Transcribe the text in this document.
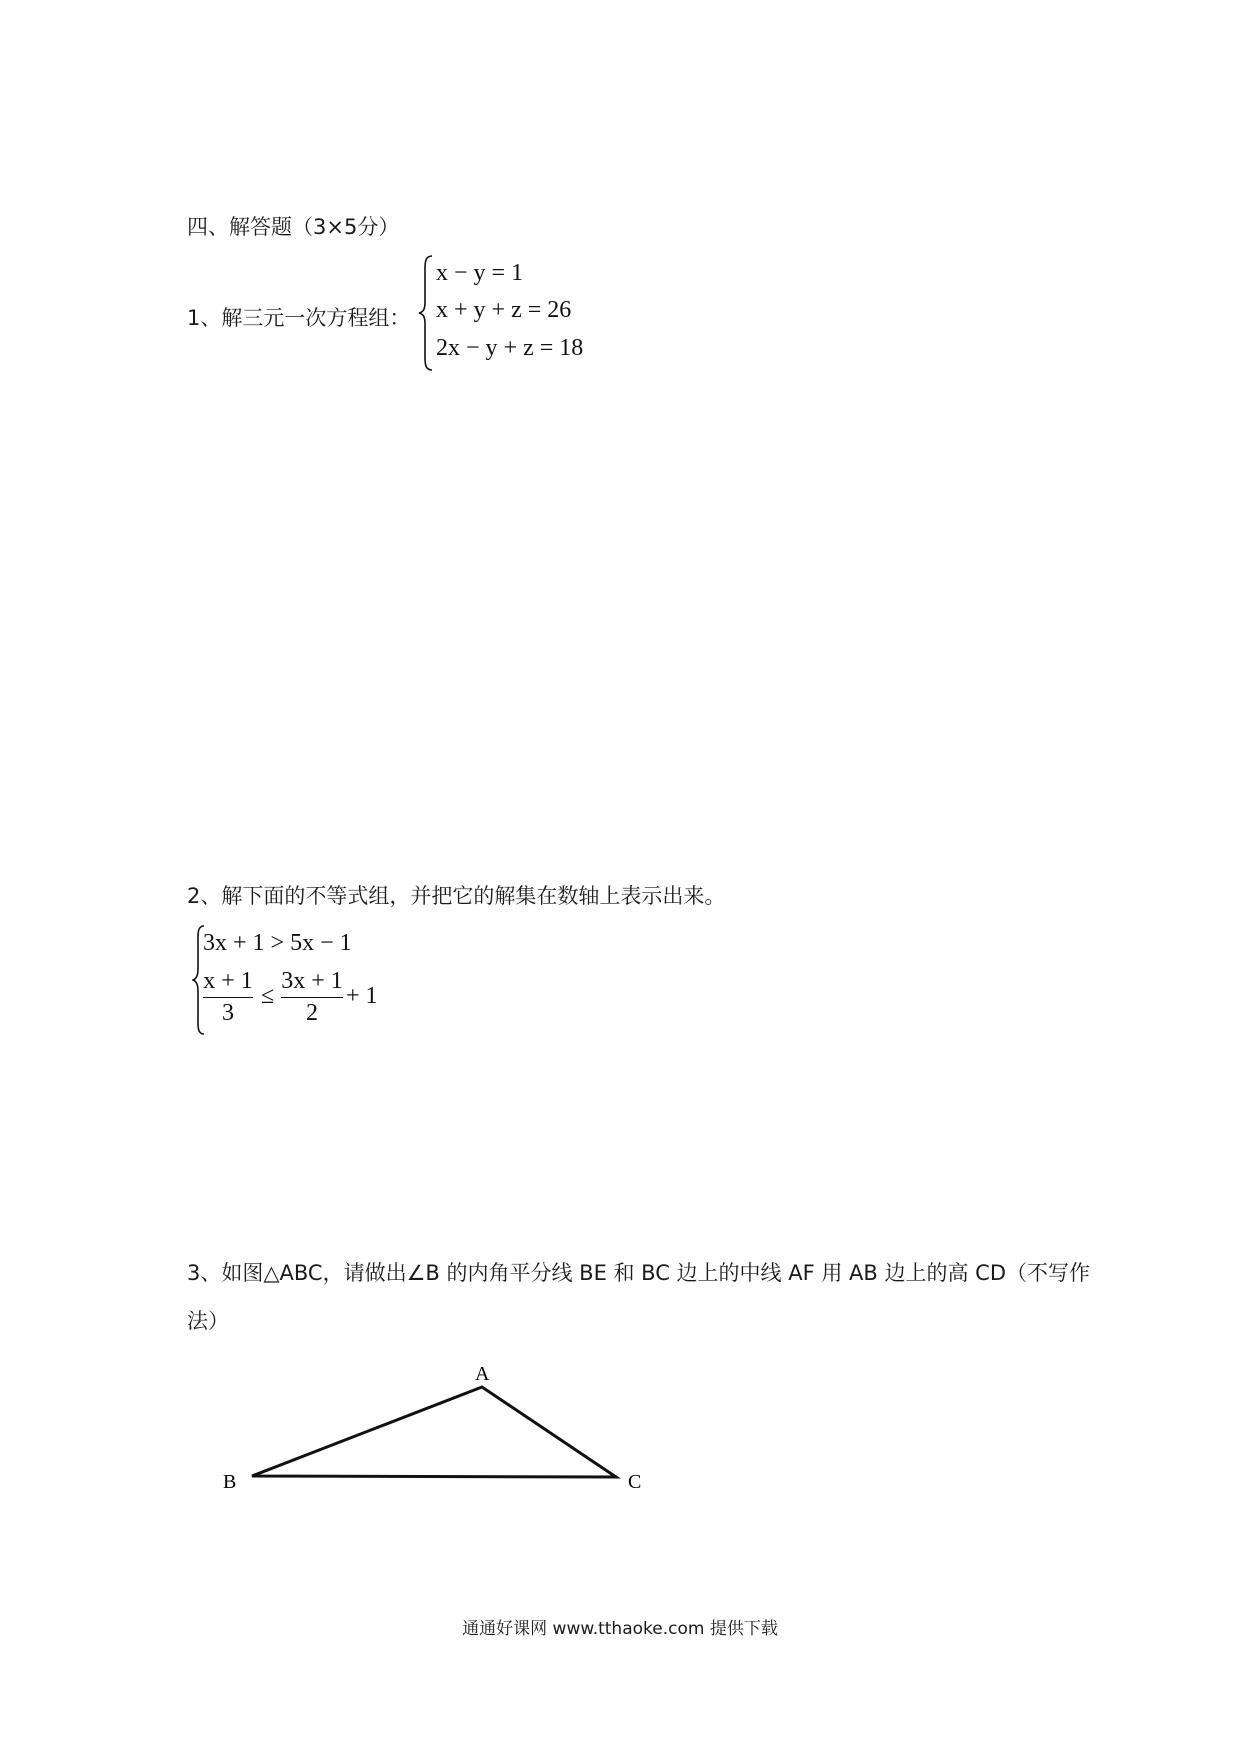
四、解答题（3×5分）
1、解三元一次方程组：
x − y = 1
x + y + z = 26
2x − y + z = 18
2、解下面的不等式组，并把它的解集在数轴上表示出来。
3x + 1 > 5x − 1
x + 1
3
≤
3x + 1
2
+ 1
3、如图△ABC，请做出∠B 的内角平分线 BE 和 BC 边上的中线 AF 用 AB 边上的高 CD（不写作
法）
A
B	C
通通好课网 www.tthaoke.com 提供下载
